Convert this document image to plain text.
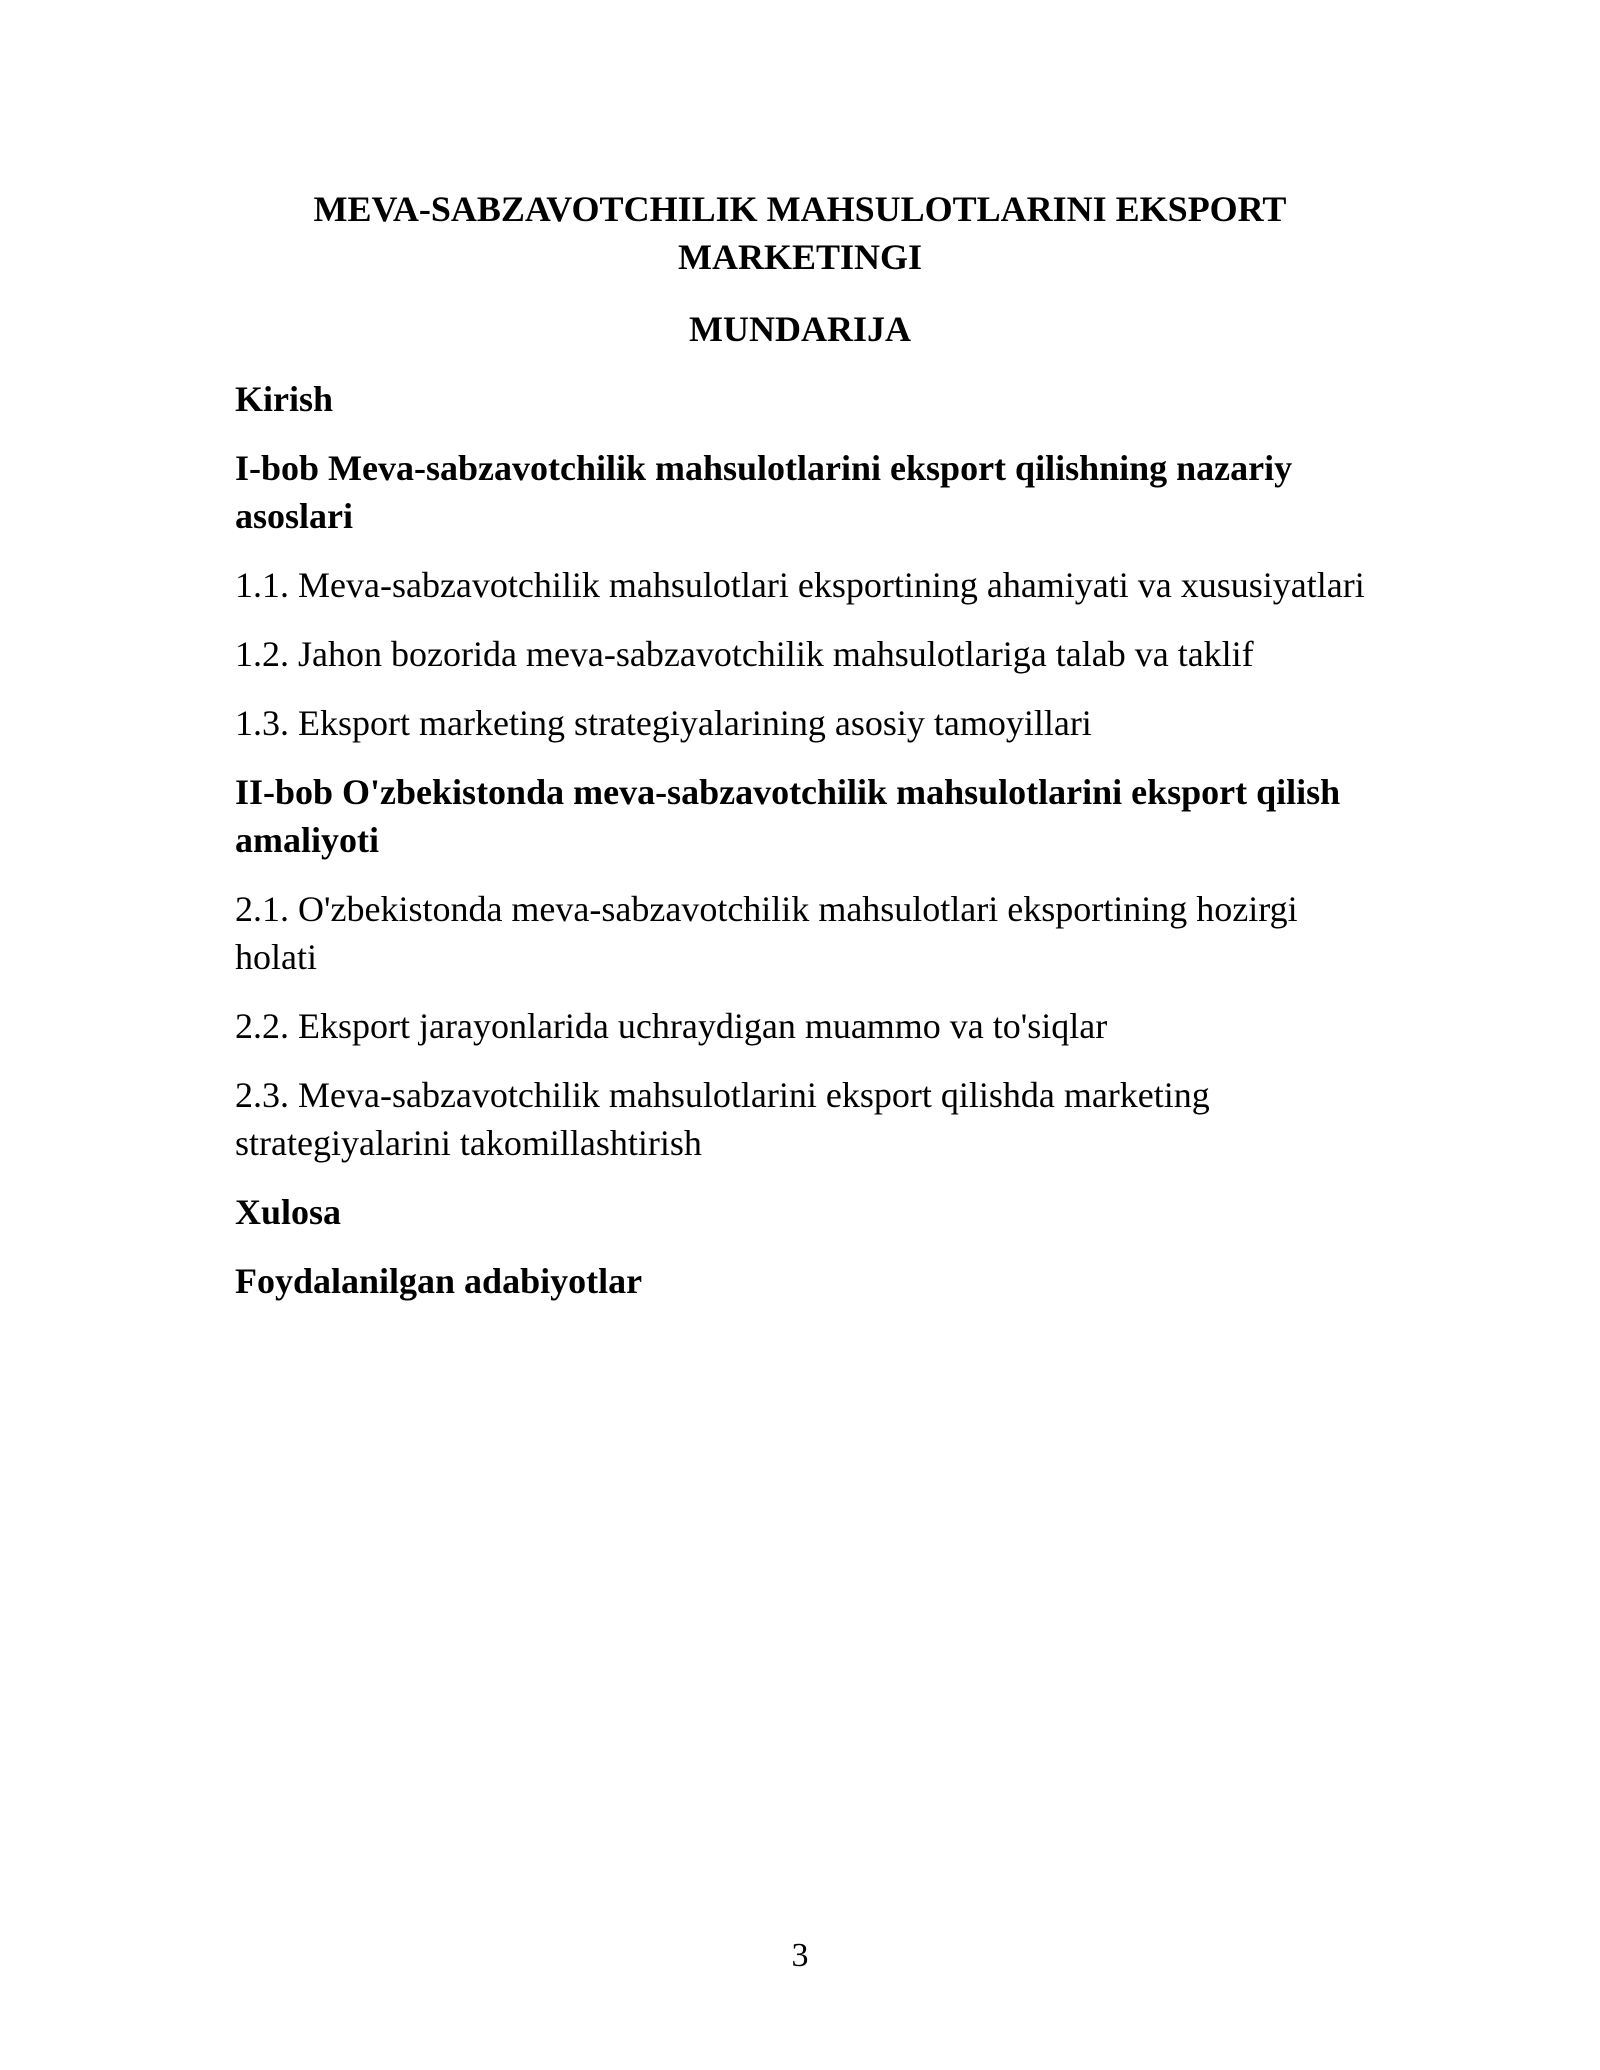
MEVA-SABZAVOTCHILIK MAHSULOTLARINI EKSPORT MARKETINGI
MUNDARIJA
Kirish
I-bob Meva-sabzavotchilik mahsulotlarini eksport qilishning nazariy asoslari
1.1. Meva-sabzavotchilik mahsulotlari eksportining ahamiyati va xususiyatlari
1.2. Jahon bozorida meva-sabzavotchilik mahsulotlariga talab va taklif
1.3. Eksport marketing strategiyalarining asosiy tamoyillari
II-bob O'zbekistonda meva-sabzavotchilik mahsulotlarini eksport qilish amaliyoti
2.1. O'zbekistonda meva-sabzavotchilik mahsulotlari eksportining hozirgi holati
2.2. Eksport jarayonlarida uchraydigan muammo va to'siqlar
2.3. Meva-sabzavotchilik mahsulotlarini eksport qilishda marketing strategiyalarini takomillashtirish
Xulosa
Foydalanilgan adabiyotlar
3
